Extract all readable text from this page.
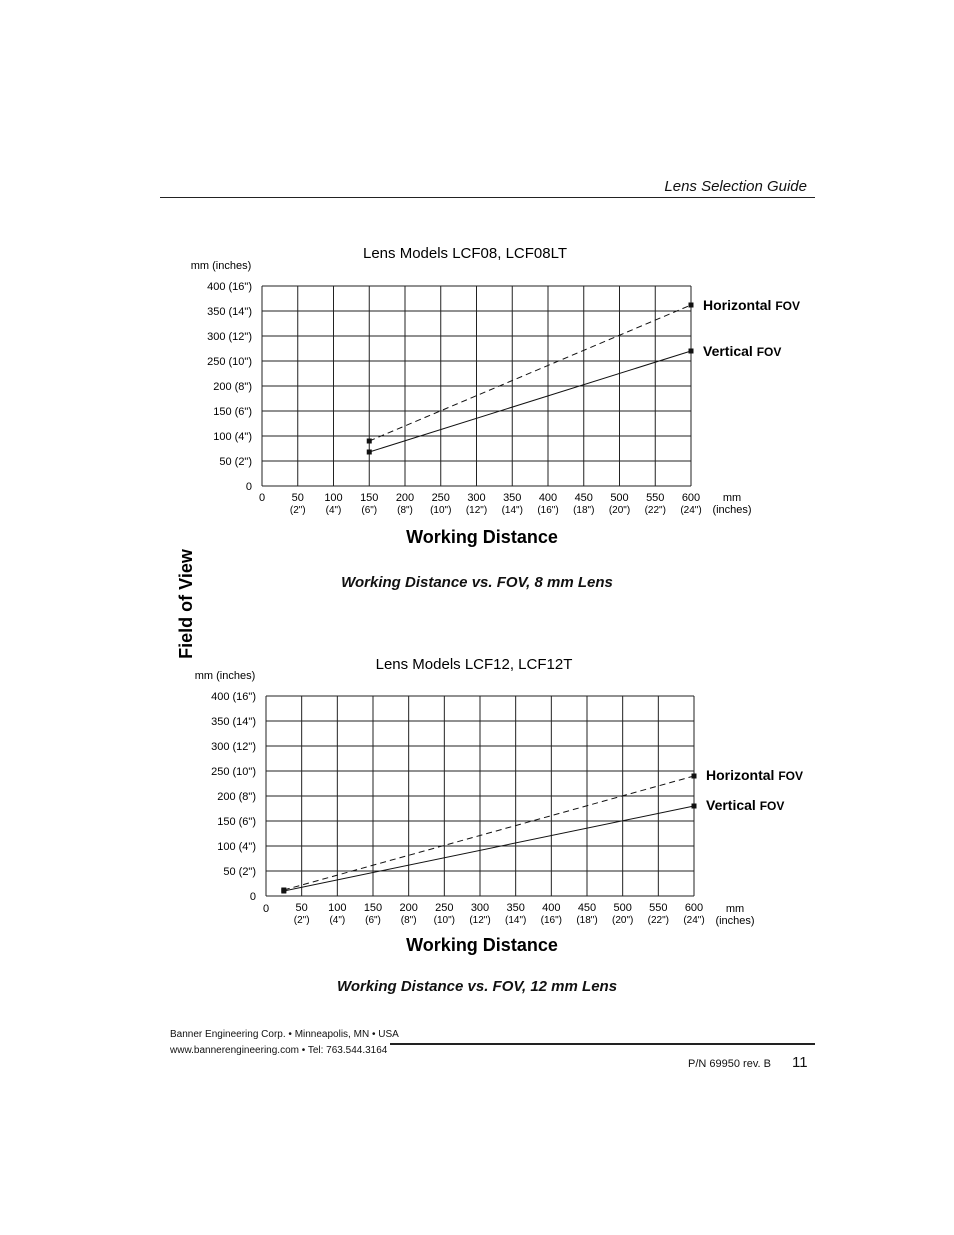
Lens Selection Guide
Lens Models LCF08, LCF08LT
mm (inches)
Field of View
Working Distance
0
50 (2")
100 (4")
150 (6")
200 (8")
250 (10")
300 (12")
350 (14")
400 (16")
50
(2")
100
(4")
150
(6")
200
(8")
250
(10")
300
(12")
350
(14")
400
(16")
450
(18")
500
(20")
550
(22")
600
(24")
0	mm
(inches)
Horizontal FOV
Vertical FOV
Working Distance vs. FOV, 8 mm Lens
Lens Models LCF12, LCF12T
mm (inches)
Working Distance
0
50 (2")
100 (4")
150 (6")
200 (8")
250 (10")
300 (12")
350 (14")
400 (16")
50
(2")
100
(4")
150
(6")
200
(8")
250
(10")
300
(12")
350
(14")
400
(16")
450
(18")
500
(20")
550
(22")
600
(24")
0	mm
(inches)
Horizontal FOV
Vertical FOV
Working Distance vs. FOV, 12 mm Lens
Banner Engineering Corp. • Minneapolis, MN • USA
www.bannerengineering.com • Tel: 763.544.3164
P/N 69950 rev. B 11
